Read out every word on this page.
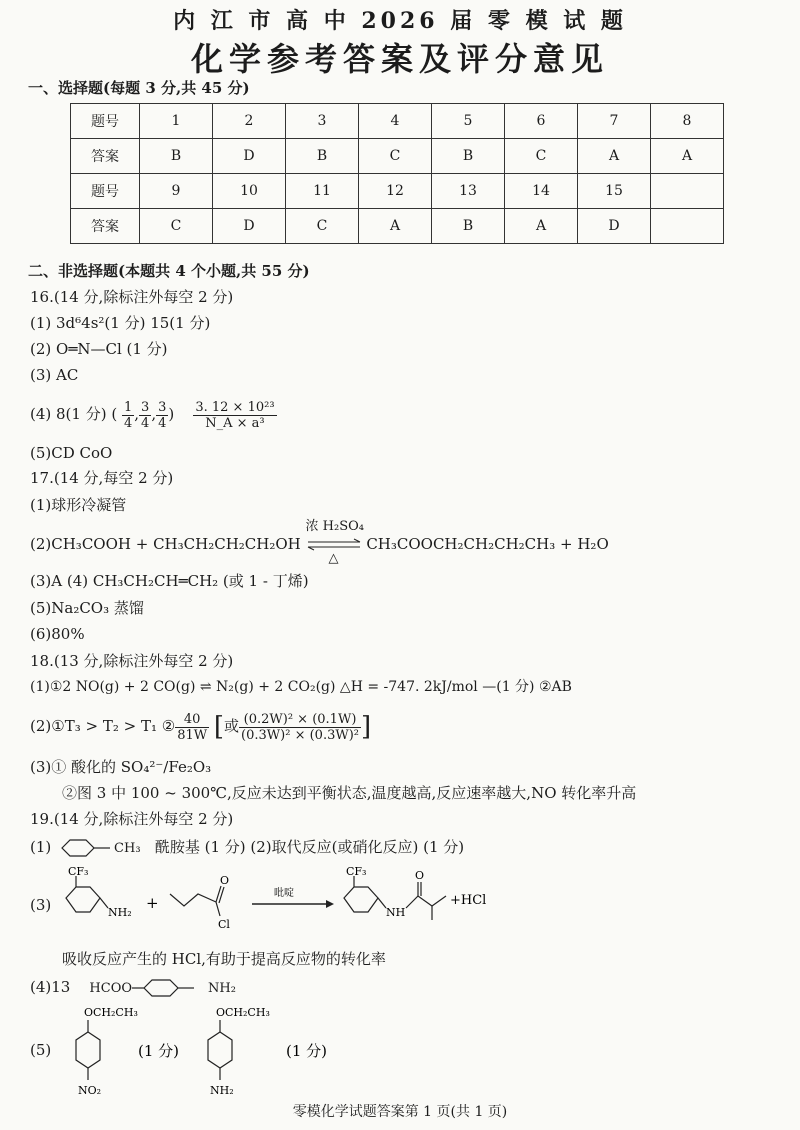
内 江 市 高 中 2026 届 零 模 试 题
化学参考答案及评分意见
一、选择题(每题 3 分,共 45 分)
题号	1	2	3	4	5	6	7	8
答案	B	D	B	C	B	C	A	A
题号	9	10	11	12	13	14	15	
答案	C	D	C	A	B	A	D	
二、非选择题(本题共 4 个小题,共 55 分)
16.(14 分,除标注外每空 2 分)
(1) 3d⁶4s²(1 分) 15(1 分)
(2) O═N—Cl (1 分)
(3) AC
(4) 8(1 分) ( $\frac{1}{4}$ , $\frac{3}{4}$ , $\frac{3}{4}$ ) $\frac{\text{3. 12 × 10²³}}{\text{N\_A × a³}}$
(5)CD CoO
17.(14 分,每空 2 分)
(1)球形冷凝管
(2)CH₃COOH + CH₃CH₂CH₂CH₂OH
浓 H₂SO₄
△
CH₃COOCH₂CH₂CH₂CH₃ + H₂O
(3)A (4) CH₃CH₂CH═CH₂ (或 1 - 丁烯)
(5)Na₂CO₃ 蒸馏
(6)80%
18.(13 分,除标注外每空 2 分)
(1)①2 NO(g) + 2 CO(g) ⇌ N₂(g) + 2 CO₂(g) △H = -747. 2kJ/mol —(1 分) ②AB
(2)①T₃ > T₂ > T₁ ② $\frac{40}{81W}$ [或 $\frac{\text{(0.2W)² × (0.1W)}}{\text{(0.3W)² × (0.3W)²}}$ ]
(3)① 酸化的 SO₄²⁻/Fe₂O₃
②图 3 中 100 ~ 300℃,反应未达到平衡状态,温度越高,反应速率越大,NO 转化率升高
19.(14 分,除标注外每空 2 分)
(1)	CH₃ 酰胺基 (1 分) (2)取代反应(或硝化反应) (1 分)
(3)
CF₃
NH₂
+
O
Cl
吡啶
CF₃
NH
O
+HCl
吸收反应产生的 HCl,有助于提高反应物的转化率
(4)13 HCOO	NH₂
(5)
OCH₂CH₃
NO₂
(1 分)
OCH₂CH₃
NH₂
(1 分)
零模化学试题答案第 1 页(共 1 页)
